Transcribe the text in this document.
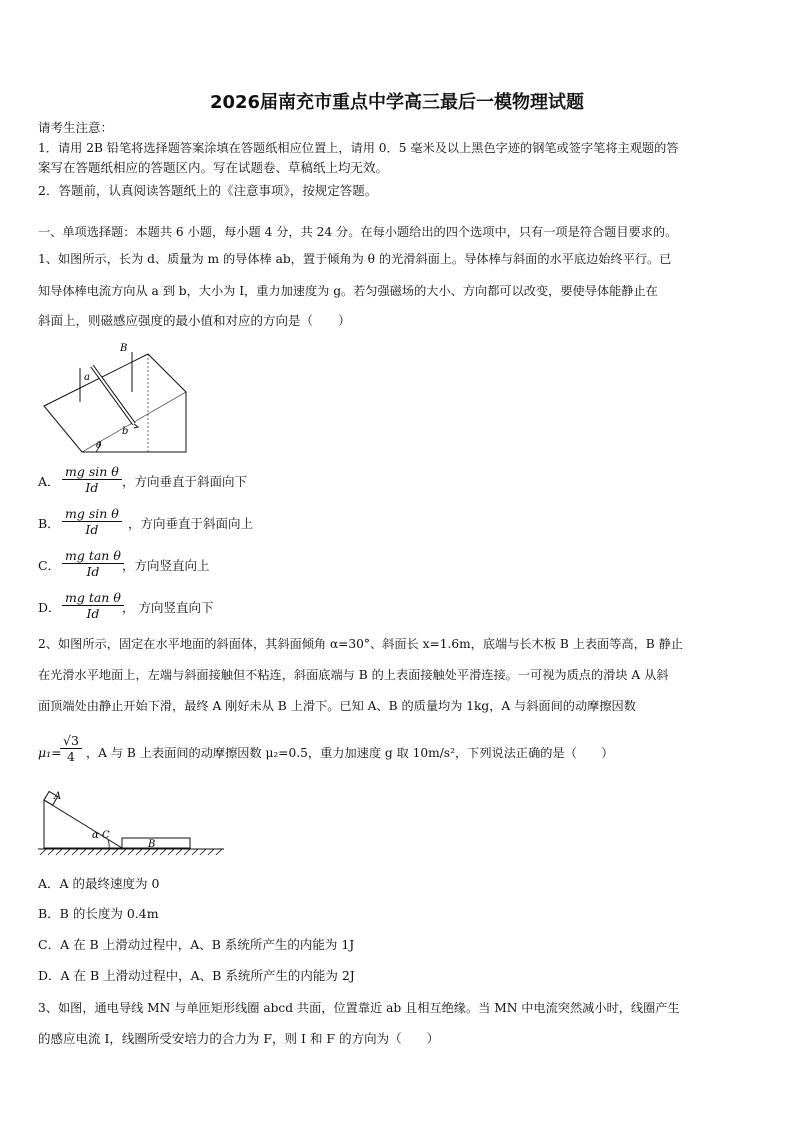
2026届南充市重点中学高三最后一模物理试题
请考生注意：
1．请用 2B 铅笔将选择题答案涂填在答题纸相应位置上，请用 0．5 毫米及以上黑色字迹的钢笔或签字笔将主观题的答
案写在答题纸相应的答题区内。写在试题卷、草稿纸上均无效。
2．答题前，认真阅读答题纸上的《注意事项》，按规定答题。
一、单项选择题：本题共 6 小题，每小题 4 分，共 24 分。在每小题给出的四个选项中，只有一项是符合题目要求的。
1、如图所示，长为 d、质量为 m 的导体棒 ab，置于倾角为 θ 的光滑斜面上。导体棒与斜面的水平底边始终平行。已
知导体棒电流方向从 a 到 b，大小为 I，重力加速度为 g。若匀强磁场的大小、方向都可以改变，要使导体能静止在
斜面上，则磁感应强度的最小值和对应的方向是（　　）
B
a
b
θ
A． $\frac{\text{mg sin θ}}{Id}$ ，方向垂直于斜面向下
B． $\frac{\text{mg sin θ}}{Id}$ ，方向垂直于斜面向上
C． $\frac{\text{mg tan θ}}{Id}$
，方向竖直向上
D． $\frac{\text{mg tan θ}}{Id}$
， 方向竖直向下
2、如图所示，固定在水平地面的斜面体，其斜面倾角 α=30°、斜面长 x=1.6m，底端与长木板 B 上表面等高，B 静止
在光滑水平地面上，左端与斜面接触但不粘连，斜面底端与 B 的上表面接触处平滑连接。一可视为质点的滑块 A 从斜
面顶端处由静止开始下滑，最终 A 刚好未从 B 上滑下。已知 A、B 的质量均为 1kg，A 与斜面间的动摩擦因数
μ₁=
$\frac{√3}{4}$ ，A 与 B 上表面间的动摩擦因数 μ₂=0.5，重力加速度 g 取 10m/s²，下列说法正确的是（　　）
A
α C
B
A．A 的最终速度为 0
B．B 的长度为 0.4m
C．A 在 B 上滑动过程中，A、B 系统所产生的内能为 1J
D．A 在 B 上滑动过程中，A、B 系统所产生的内能为 2J
3、如图，通电导线 MN 与单匝矩形线圈 abcd 共面，位置靠近 ab 且相互绝缘。当 MN 中电流突然减小时，线圈产生
的感应电流 I，线圈所受安培力的合力为 F，则 I 和 F 的方向为（　　）
